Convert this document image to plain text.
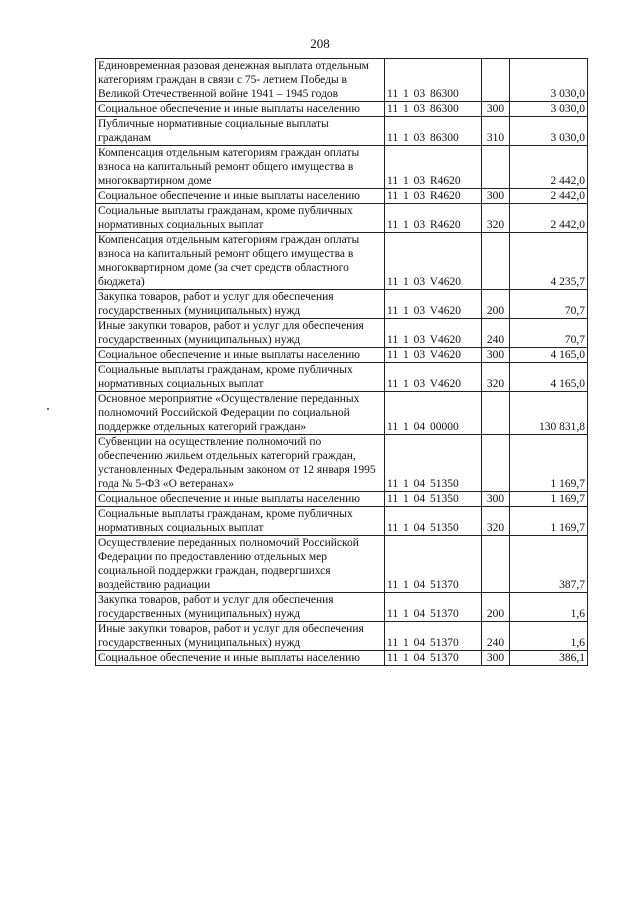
208
Единовременная разовая денежная выплата отдельным категориям граждан в связи с 75- летием Победы в Великой Отечественной войне 1941 – 1945 годов	11 1 03 86300		3 030,0
Социальное обеспечение и иные выплаты населению	11 1 03 86300	300	3 030,0
Публичные нормативные социальные выплаты гражданам	11 1 03 86300	310	3 030,0
Компенсация отдельным категориям граждан оплаты взноса на капитальный ремонт общего имущества в многоквартирном доме	11 1 03 R4620		2 442,0
Социальное обеспечение и иные выплаты населению	11 1 03 R4620	300	2 442,0
Социальные выплаты гражданам, кроме публичных нормативных социальных выплат	11 1 03 R4620	320	2 442,0
Компенсация отдельным категориям граждан оплаты взноса на капитальный ремонт общего имущества в многоквартирном доме (за счет средств областного бюджета)	11 1 03 V4620		4 235,7
Закупка товаров, работ и услуг для обеспечения государственных (муниципальных) нужд	11 1 03 V4620	200	70,7
Иные закупки товаров, работ и услуг для обеспечения государственных (муниципальных) нужд	11 1 03 V4620	240	70,7
Социальное обеспечение и иные выплаты населению	11 1 03 V4620	300	4 165,0
Социальные выплаты гражданам, кроме публичных нормативных социальных выплат	11 1 03 V4620	320	4 165,0
Основное мероприятие «Осуществление переданных полномочий Российской Федерации по социальной поддержке отдельных категорий граждан»	11 1 04 00000		130 831,8
Субвенции на осуществление полномочий по обеспечению жильем отдельных категорий граждан, установленных Федеральным законом от 12 января 1995 года № 5-ФЗ «О ветеранах»	11 1 04 51350		1 169,7
Социальное обеспечение и иные выплаты населению	11 1 04 51350	300	1 169,7
Социальные выплаты гражданам, кроме публичных нормативных социальных выплат	11 1 04 51350	320	1 169,7
Осуществление переданных полномочий Российской Федерации по предоставлению отдельных мер социальной поддержки граждан, подвергшихся воздействию радиации	11 1 04 51370		387,7
Закупка товаров, работ и услуг для обеспечения государственных (муниципальных) нужд	11 1 04 51370	200	1,6
Иные закупки товаров, работ и услуг для обеспечения государственных (муниципальных) нужд	11 1 04 51370	240	1,6
Социальное обеспечение и иные выплаты населению	11 1 04 51370	300	386,1
